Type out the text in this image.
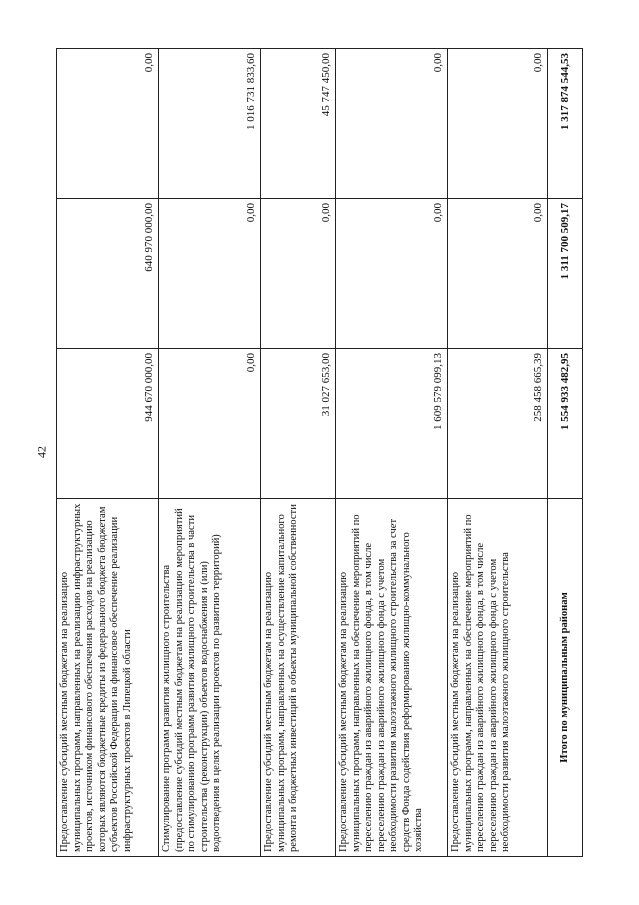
42
Предоставление субсидий местным бюджетам на реализацию муниципальных программ, направленных на реализацию инфраструктурных проектов, источником финансового обеспечения расходов на реализацию которых являются бюджетные кредиты из федерального бюджета бюджетам субъектов Российской Федерации на финансовое обеспечение реализации инфраструктурных проектов в Липецкой области	944 670 000,00	640 970 000,00	0,00
Стимулирование программ развития жилищного строительства (предоставление субсидий местным бюджетам на реализацию мероприятий по стимулированию программ развития жилищного строительства в части строительства (реконструкции) объектов водоснабжения и (или) водоотведения в целях реализации проектов по развитию территорий)	0,00	0,00	1 016 731 833,60
Предоставление субсидий местным бюджетам на реализацию муниципальных программ, направленных на осуществление капитального ремонта и бюджетных инвестиций в объекты муниципальной собственности	31 027 653,00	0,00	45 747 450,00
Предоставление субсидий местным бюджетам на реализацию муниципальных программ, направленных на обеспечение мероприятий по переселению граждан из аварийного жилищного фонда, в том числе переселению граждан из аварийного жилищного фонда с учетом необходимости развития малоэтажного жилищного строительства за счет средств Фонда содействия реформированию жилищно-коммунального хозяйства	1 609 579 099,13	0,00	0,00
Предоставление субсидий местным бюджетам на реализацию муниципальных программ, направленных на обеспечение мероприятий по переселению граждан из аварийного жилищного фонда, в том числе переселению граждан из аварийного жилищного фонда с учетом необходимости развития малоэтажного жилищного строительства	258 458 665,39	0,00	0,00
Итого по муниципальным районам	1 554 933 482,95	1 311 700 509,17	1 317 874 544,53
